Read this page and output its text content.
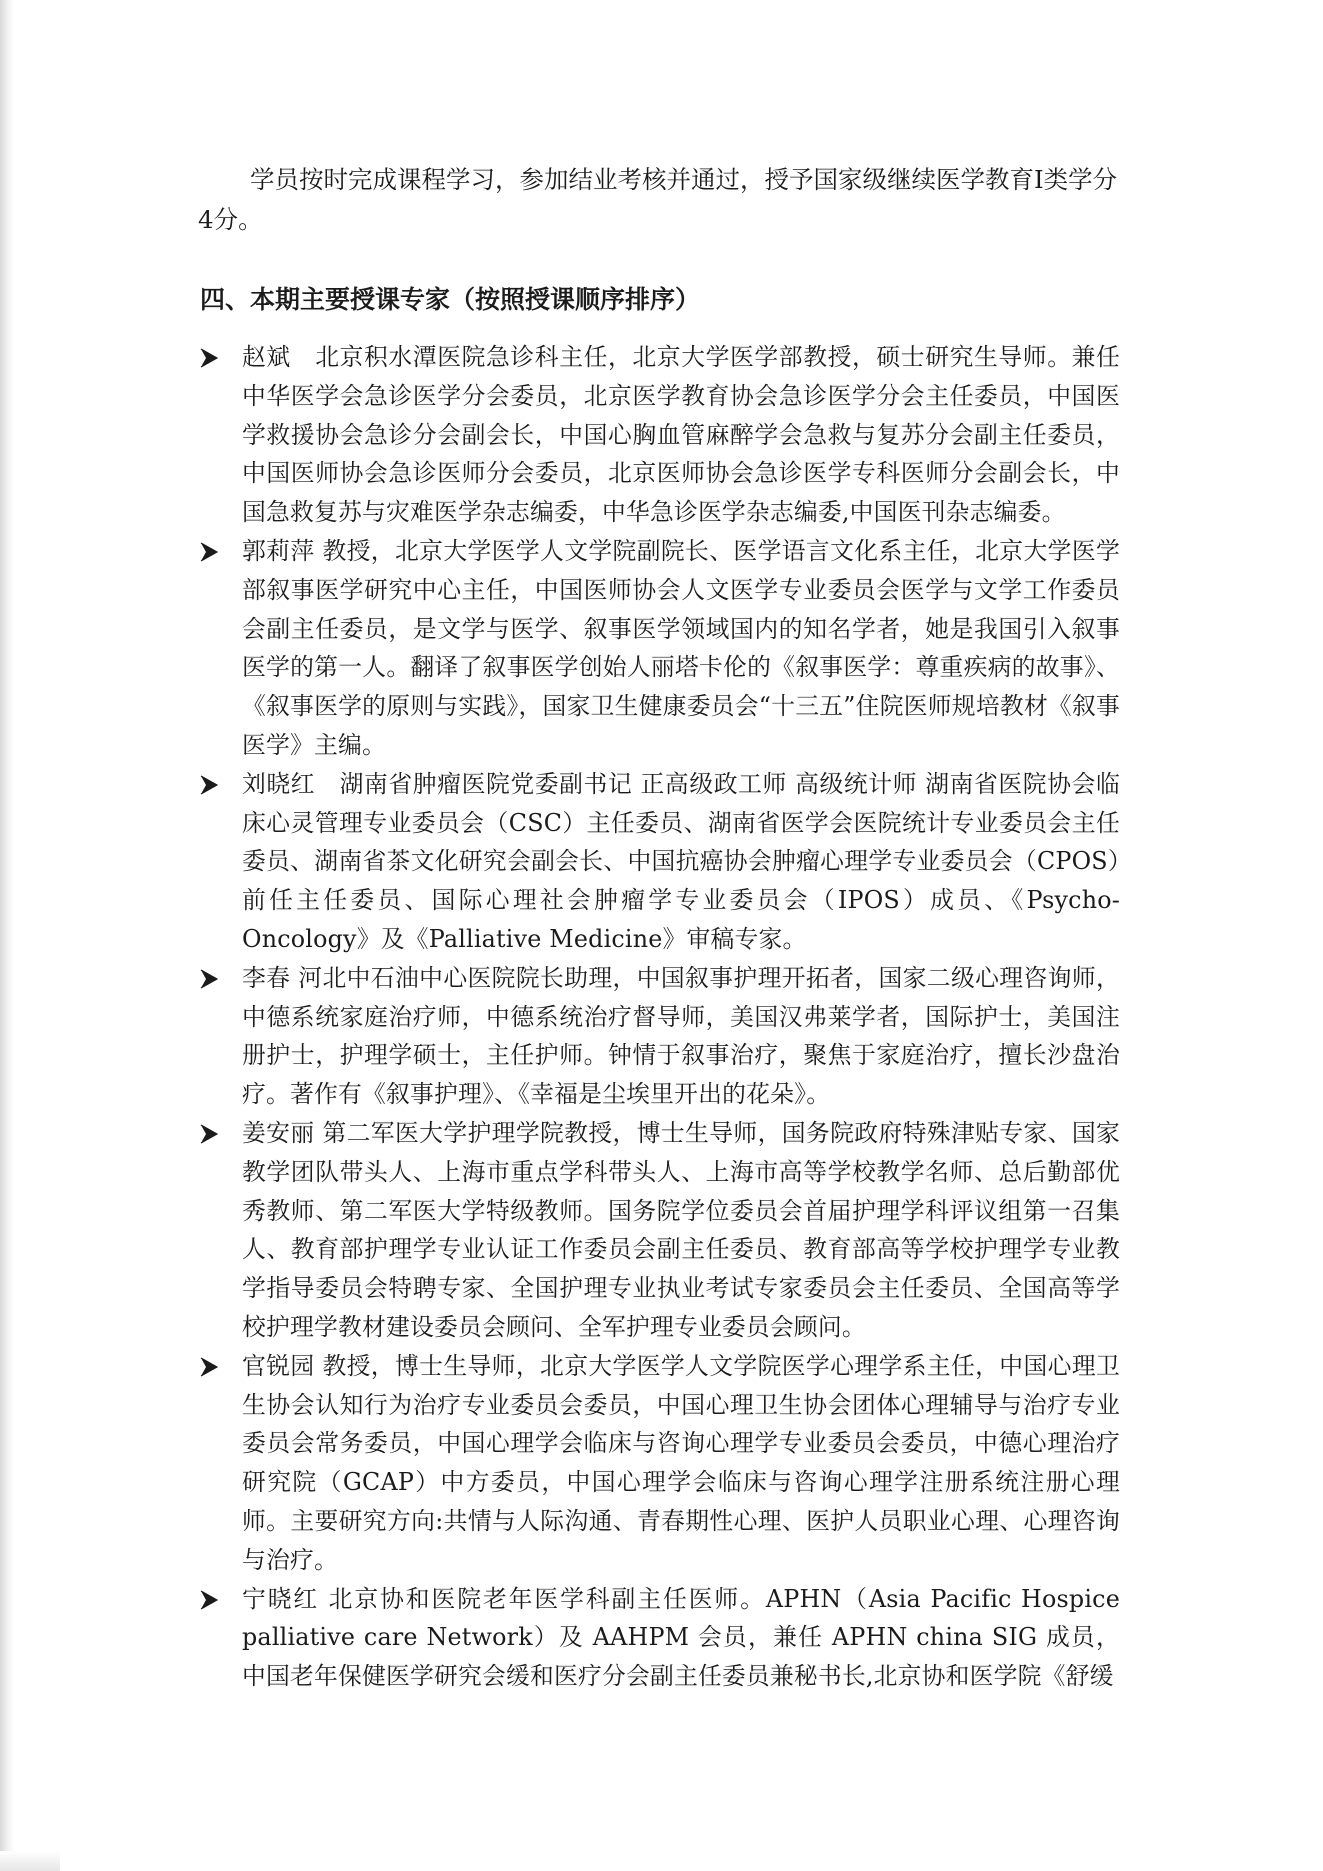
学员按时完成课程学习，参加结业考核并通过，授予国家级继续医学教育Ⅰ类学分4分。

四、本期主要授课专家（按照授课顺序排序）
赵斌　北京积水潭医院急诊科主任，北京大学医学部教授，硕士研究生导师。兼任中华医学会急诊医学分会委员，北京医学教育协会急诊医学分会主任委员，中国医学救援协会急诊分会副会长，中国心胸血管麻醉学会急救与复苏分会副主任委员，中国医师协会急诊医师分会委员，北京医师协会急诊医学专科医师分会副会长，中国急救复苏与灾难医学杂志编委，中华急诊医学杂志编委,中国医刊杂志编委。
郭莉萍 教授，北京大学医学人文学院副院长、医学语言文化系主任，北京大学医学部叙事医学研究中心主任，中国医师协会人文医学专业委员会医学与文学工作委员会副主任委员，是文学与医学、叙事医学领域国内的知名学者，她是我国引入叙事医学的第一人。翻译了叙事医学创始人丽塔卡伦的《叙事医学：尊重疾病的故事》、《叙事医学的原则与实践》，国家卫生健康委员会“十三五”住院医师规培教材《叙事医学》主编。
刘晓红　湖南省肿瘤医院党委副书记 正高级政工师 高级统计师 湖南省医院协会临床心灵管理专业委员会（CSC）主任委员、湖南省医学会医院统计专业委员会主任委员、湖南省茶文化研究会副会长、中国抗癌协会肿瘤心理学专业委员会（CPOS）前任主任委员、国际心理社会肿瘤学专业委员会（IPOS）成员、《Psycho-Oncology》及《Palliative Medicine》审稿专家。
李春 河北中石油中心医院院长助理，中国叙事护理开拓者，国家二级心理咨询师，中德系统家庭治疗师，中德系统治疗督导师，美国汉弗莱学者，国际护士，美国注册护士，护理学硕士，主任护师。钟情于叙事治疗，聚焦于家庭治疗，擅长沙盘治疗。著作有《叙事护理》、《幸福是尘埃里开出的花朵》。
姜安丽 第二军医大学护理学院教授，博士生导师，国务院政府特殊津贴专家、国家教学团队带头人、上海市重点学科带头人、上海市高等学校教学名师、总后勤部优秀教师、第二军医大学特级教师。国务院学位委员会首届护理学科评议组第一召集人、教育部护理学专业认证工作委员会副主任委员、教育部高等学校护理学专业教学指导委员会特聘专家、全国护理专业执业考试专家委员会主任委员、全国高等学校护理学教材建设委员会顾问、全军护理专业委员会顾问。
官锐园 教授，博士生导师，北京大学医学人文学院医学心理学系主任，中国心理卫生协会认知行为治疗专业委员会委员，中国心理卫生协会团体心理辅导与治疗专业委员会常务委员，中国心理学会临床与咨询心理学专业委员会委员，中德心理治疗研究院（GCAP）中方委员，中国心理学会临床与咨询心理学注册系统注册心理师。主要研究方向:共情与人际沟通、青春期性心理、医护人员职业心理、心理咨询与治疗。
宁晓红 北京协和医院老年医学科副主任医师。APHN（Asia Pacific Hospice palliative care Network）及 AAHPM 会员，兼任 APHN china SIG 成员，中国老年保健医学研究会缓和医疗分会副主任委员兼秘书长,北京协和医学院《舒缓
